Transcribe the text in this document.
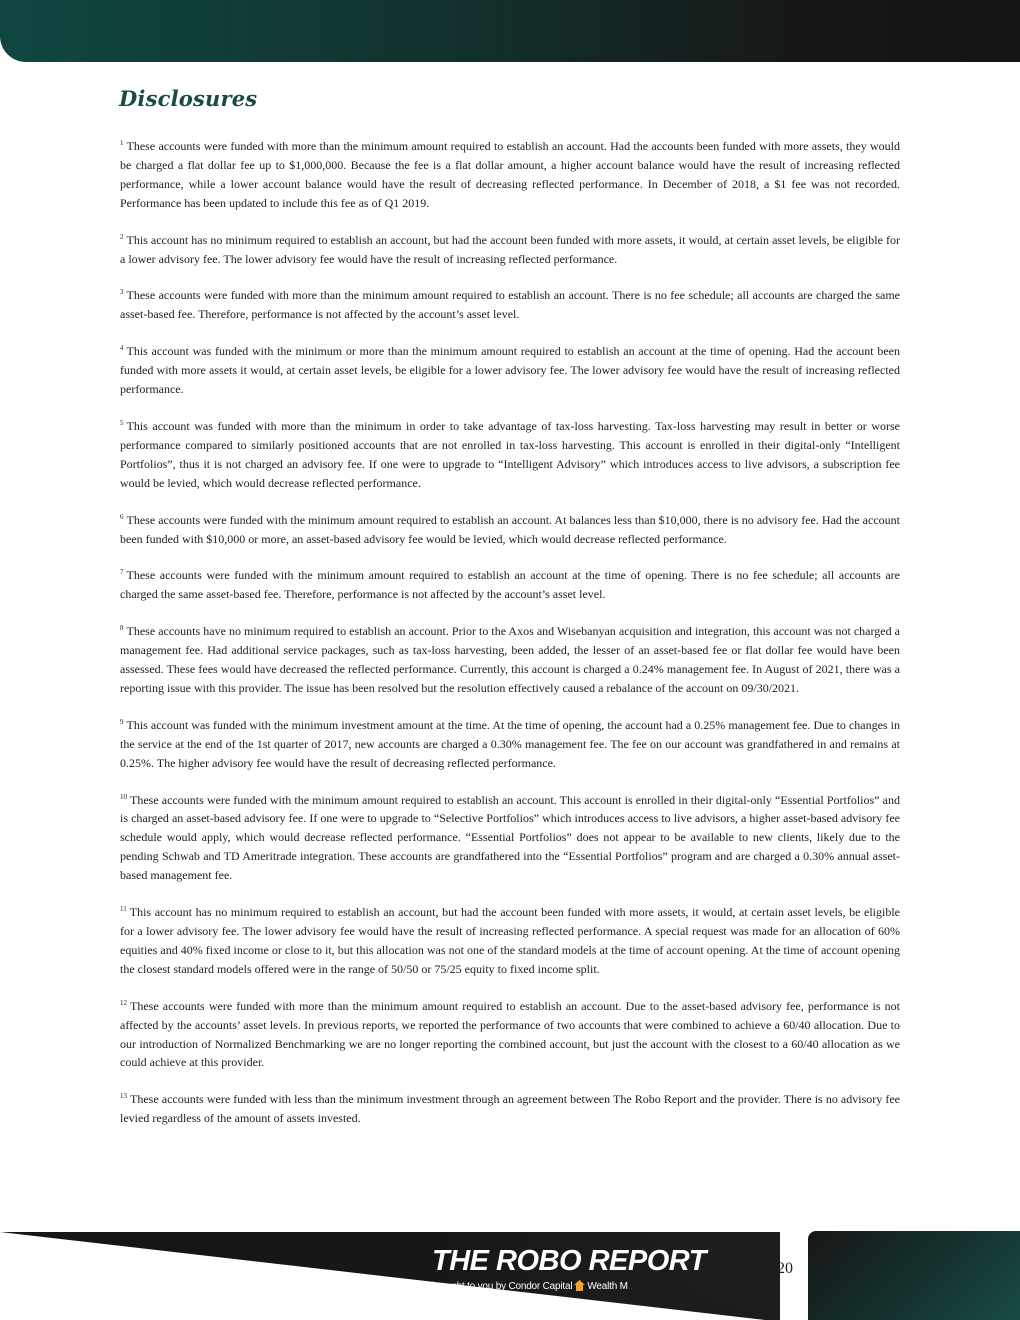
Disclosures

$^1$ These accounts were funded with more than the minimum amount required to establish an account. Had the accounts been funded with more assets, they would be charged a flat dollar fee up to $1,000,000. Because the fee is a flat dollar amount, a higher account balance would have the result of increasing reflected performance, while a lower account balance would have the result of decreasing reflected performance. In December of 2018, a $1 fee was not recorded. Performance has been updated to include this fee as of Q1 2019.

$^2$ This account has no minimum required to establish an account, but had the account been funded with more assets, it would, at certain asset levels, be eligible for a lower advisory fee. The lower advisory fee would have the result of increasing reflected performance.

$^3$ These accounts were funded with more than the minimum amount required to establish an account. There is no fee schedule; all accounts are charged the same asset-based fee. Therefore, performance is not affected by the account’s asset level.

$^4$ This account was funded with the minimum or more than the minimum amount required to establish an account at the time of opening. Had the account been funded with more assets it would, at certain asset levels, be eligible for a lower advisory fee. The lower advisory fee would have the result of increasing reflected performance.

$^5$ This account was funded with more than the minimum in order to take advantage of tax-loss harvesting. Tax-loss harvesting may result in better or worse performance compared to similarly positioned accounts that are not enrolled in tax-loss harvesting. This account is enrolled in their digital-only “Intelligent Portfolios”, thus it is not charged an advisory fee. If one were to upgrade to “Intelligent Advisory” which introduces access to live advisors, a subscription fee would be levied, which would decrease reflected performance.

$^6$ These accounts were funded with the minimum amount required to establish an account. At balances less than $10,000, there is no advisory fee. Had the account been funded with $10,000 or more, an asset-based advisory fee would be levied, which would decrease reflected performance.

$^7$ These accounts were funded with the minimum amount required to establish an account at the time of opening. There is no fee schedule; all accounts are charged the same asset-based fee. Therefore, performance is not affected by the account’s asset level.

$^8$ These accounts have no minimum required to establish an account. Prior to the Axos and Wisebanyan acquisition and integration, this account was not charged a management fee. Had additional service packages, such as tax-loss harvesting, been added, the lesser of an asset-based fee or flat dollar fee would have been assessed. These fees would have decreased the reflected performance. Currently, this account is charged a 0.24% management fee. In August of 2021, there was a reporting issue with this provider. The issue has been resolved but the resolution effectively caused a rebalance of the account on 09/30/2021.

$^9$ This account was funded with the minimum investment amount at the time. At the time of opening, the account had a 0.25% management fee. Due to changes in the service at the end of the 1st quarter of 2017, new accounts are charged a 0.30% management fee. The fee on our account was grandfathered in and remains at 0.25%. The higher advisory fee would have the result of decreasing reflected performance.

$^{10}$ These accounts were funded with the minimum amount required to establish an account. This account is enrolled in their digital-only “Essential Portfolios” and is charged an asset-based advisory fee. If one were to upgrade to “Selective Portfolios” which introduces access to live advisors, a higher asset-based advisory fee schedule would apply, which would decrease reflected performance. “Essential Portfolios” does not appear to be available to new clients, likely due to the pending Schwab and TD Ameritrade integration. These accounts are grandfathered into the “Essential Portfolios” program and are charged a 0.30% annual asset-based management fee.

$^{11}$ This account has no minimum required to establish an account, but had the account been funded with more assets, it would, at certain asset levels, be eligible for a lower advisory fee. The lower advisory fee would have the result of increasing reflected performance. A special request was made for an allocation of 60% equities and 40% fixed income or close to it, but this allocation was not one of the standard models at the time of account opening. At the time of account opening the closest standard models offered were in the range of 50/50 or 75/25 equity to fixed income split.

$^{12}$ These accounts were funded with more than the minimum amount required to establish an account. Due to the asset-based advisory fee, performance is not affected by the accounts’ asset levels. In previous reports, we reported the performance of two accounts that were combined to achieve a 60/40 allocation. Due to our introduction of Normalized Benchmarking we are no longer reporting the combined account, but just the account with the closest to a 60/40 allocation as we could achieve at this provider.

$^{13}$ These accounts were funded with less than the minimum investment through an agreement between The Robo Report and the provider. There is no advisory fee levied regardless of the amount of assets invested.

THE ROBO REPORT
brought to you by Condor Capital Wealth M
20
